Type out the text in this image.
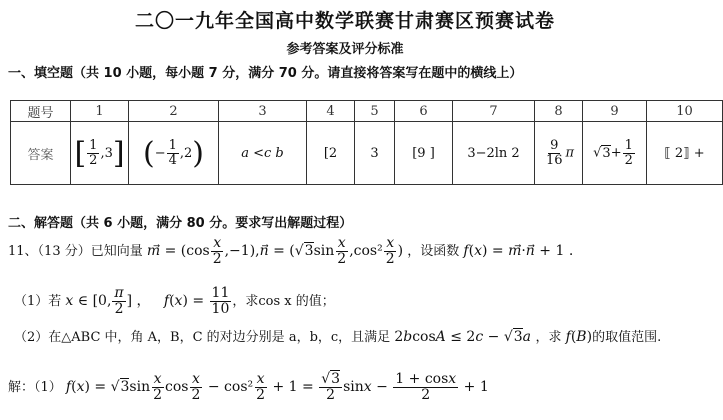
二〇一九年全国高中数学联赛甘肃赛区预赛试卷
参考答案及评分标准
一、填空题（共 10 小题，每小题 7 分，满分 70 分。请直接将答案写在题中的横线上）
题号	1	2	3	4	5	6	7	8	9	10
答案	[ $\frac{1}{2} ,3$]	(− $\frac{1}{4} ,2$)	a <c b	[2	3	[9 ]	3−2ln 2	$\frac{9}{16}$ π	$√3+ \frac{1}{2}$	⟦ 2⟧ +
二、解答题（共 6 小题，满分 80 分。要求写出解题过程）
11、（13 分）已知向量 m⃗ = ($\cos \frac{x}{2}$ ,−1),n⃗ = ($√3\sin \frac{x}{2} ,\cos^2 \frac{x}{2}$ ) ，设函数 f(x) = m⃗·n⃗ + 1 .
（1）若 x ∈ [0, $\frac{\pi}{2}$ ] ，   $f(x) = \frac{11}{10}$ ，求cos x 的值；
（2）在△ABC 中，角 A，B，C 的对边分别是 a，b，c，且满足 2bcosA ≤ 2c − √3a ，求 f(B)的取值范围.
解：（1） $f(x) = √3\sin \frac{x}{2}$ $\cos \frac{x}{2} - \cos^2 \frac{x}{2} + 1 = \frac{√3}{2}$ $\sin x - \frac{1 + \cos x}{2} + 1$
